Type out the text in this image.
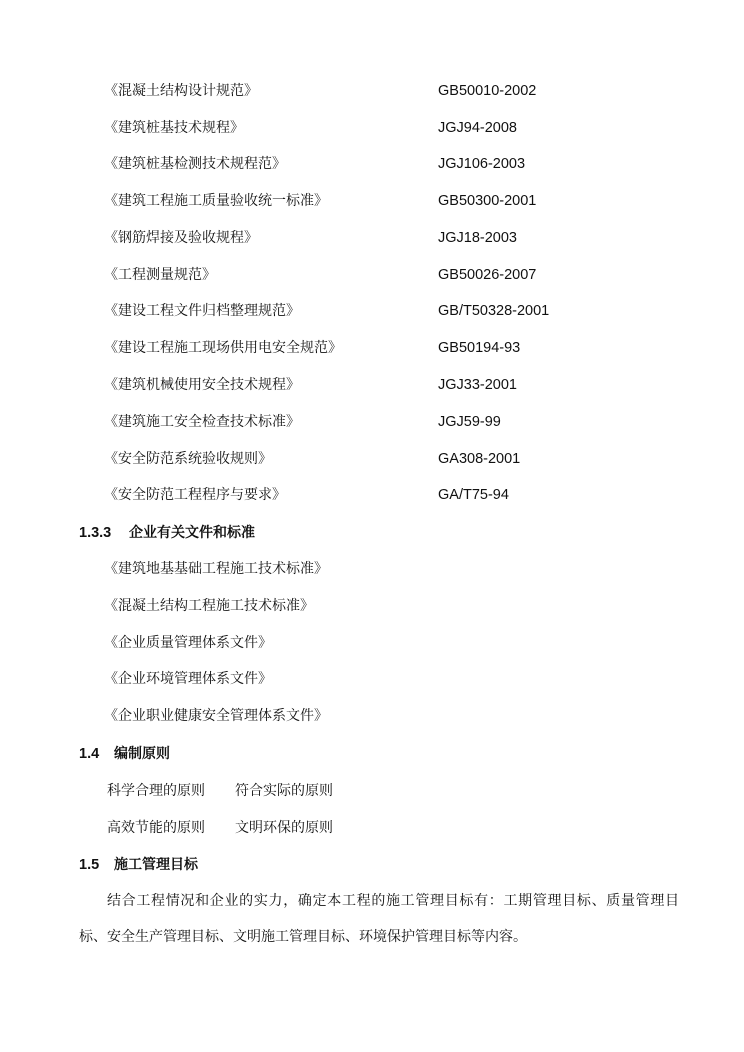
《混凝土结构设计规范》	GB50010-2002
《建筑桩基技术规程》	JGJ94-2008
《建筑桩基检测技术规程范》	JGJ106-2003
《建筑工程施工质量验收统一标准》	GB50300-2001
《钢筋焊接及验收规程》	JGJ18-2003
《工程测量规范》	GB50026-2007
《建设工程文件归档整理规范》	GB/T50328-2001
《建设工程施工现场供用电安全规范》	GB50194-93
《建筑机械使用安全技术规程》	JGJ33-2001
《建筑施工安全检查技术标准》	JGJ59-99
《安全防范系统验收规则》	GA308-2001
《安全防范工程程序与要求》	GA/T75-94
1.3.3 企业有关文件和标准
《建筑地基基础工程施工技术标准》
《混凝土结构工程施工技术标准》
《企业质量管理体系文件》
《企业环境管理体系文件》
《企业职业健康安全管理体系文件》
1.4 编制原则
科学合理的原则 符合实际的原则
高效节能的原则 文明环保的原则
1.5 施工管理目标
结合工程情况和企业的实力，确定本工程的施工管理目标有：工期管理目标、质量管理目标、安全生产管理目标、文明施工管理目标、环境保护管理目标等内容。
